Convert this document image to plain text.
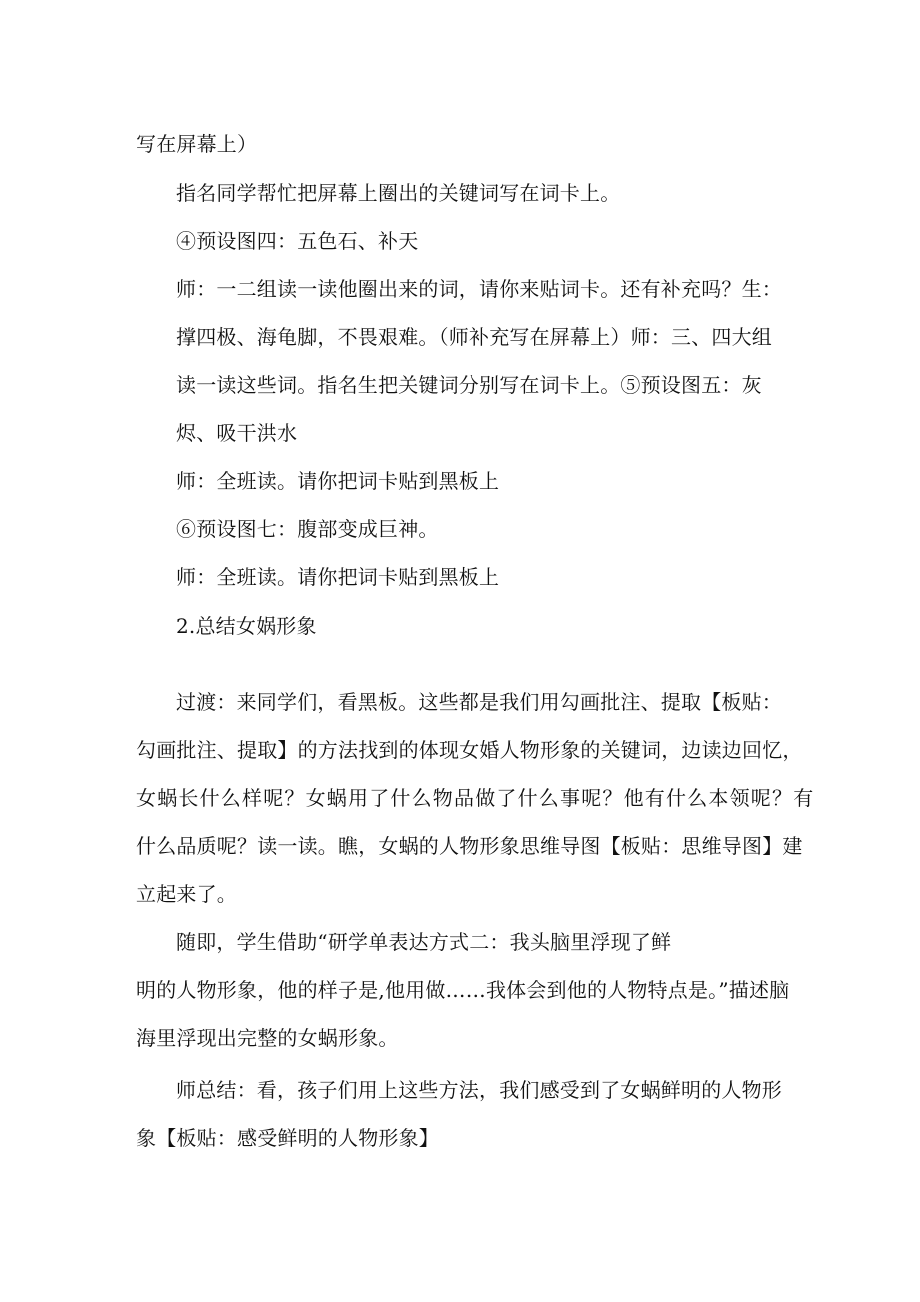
写在屏幕上）
指名同学帮忙把屏幕上圈出的关键词写在词卡上。
④预设图四：五色石、补天
师：一二组读一读他圈出来的词，请你来贴词卡。还有补充吗？生：
撑四极、海龟脚，不畏艰难。（师补充写在屏幕上）师：三、四大组
读一读这些词。指名生把关键词分别写在词卡上。⑤预设图五：灰
烬、吸干洪水
师：全班读。请你把词卡贴到黑板上
⑥预设图七：腹部变成巨神。
师：全班读。请你把词卡贴到黑板上
2.总结女娲形象
过渡：来同学们，看黑板。这些都是我们用勾画批注、提取【板贴：
勾画批注、提取】的方法找到的体现女婚人物形象的关键词，边读边回忆，
女蜗长什么样呢？女蜗用了什么物品做了什么事呢？他有什么本领呢？有
什么品质呢？读一读。瞧，女蜗的人物形象思维导图【板贴：思维导图】建
立起来了。
随即，学生借助“研学单表达方式二：我头脑里浮现了鲜
明的人物形象，他的样子是,他用做……我体会到他的人物特点是。”描述脑
海里浮现出完整的女蜗形象。
师总结：看，孩子们用上这些方法，我们感受到了女蜗鲜明的人物形
象【板贴：感受鲜明的人物形象】
